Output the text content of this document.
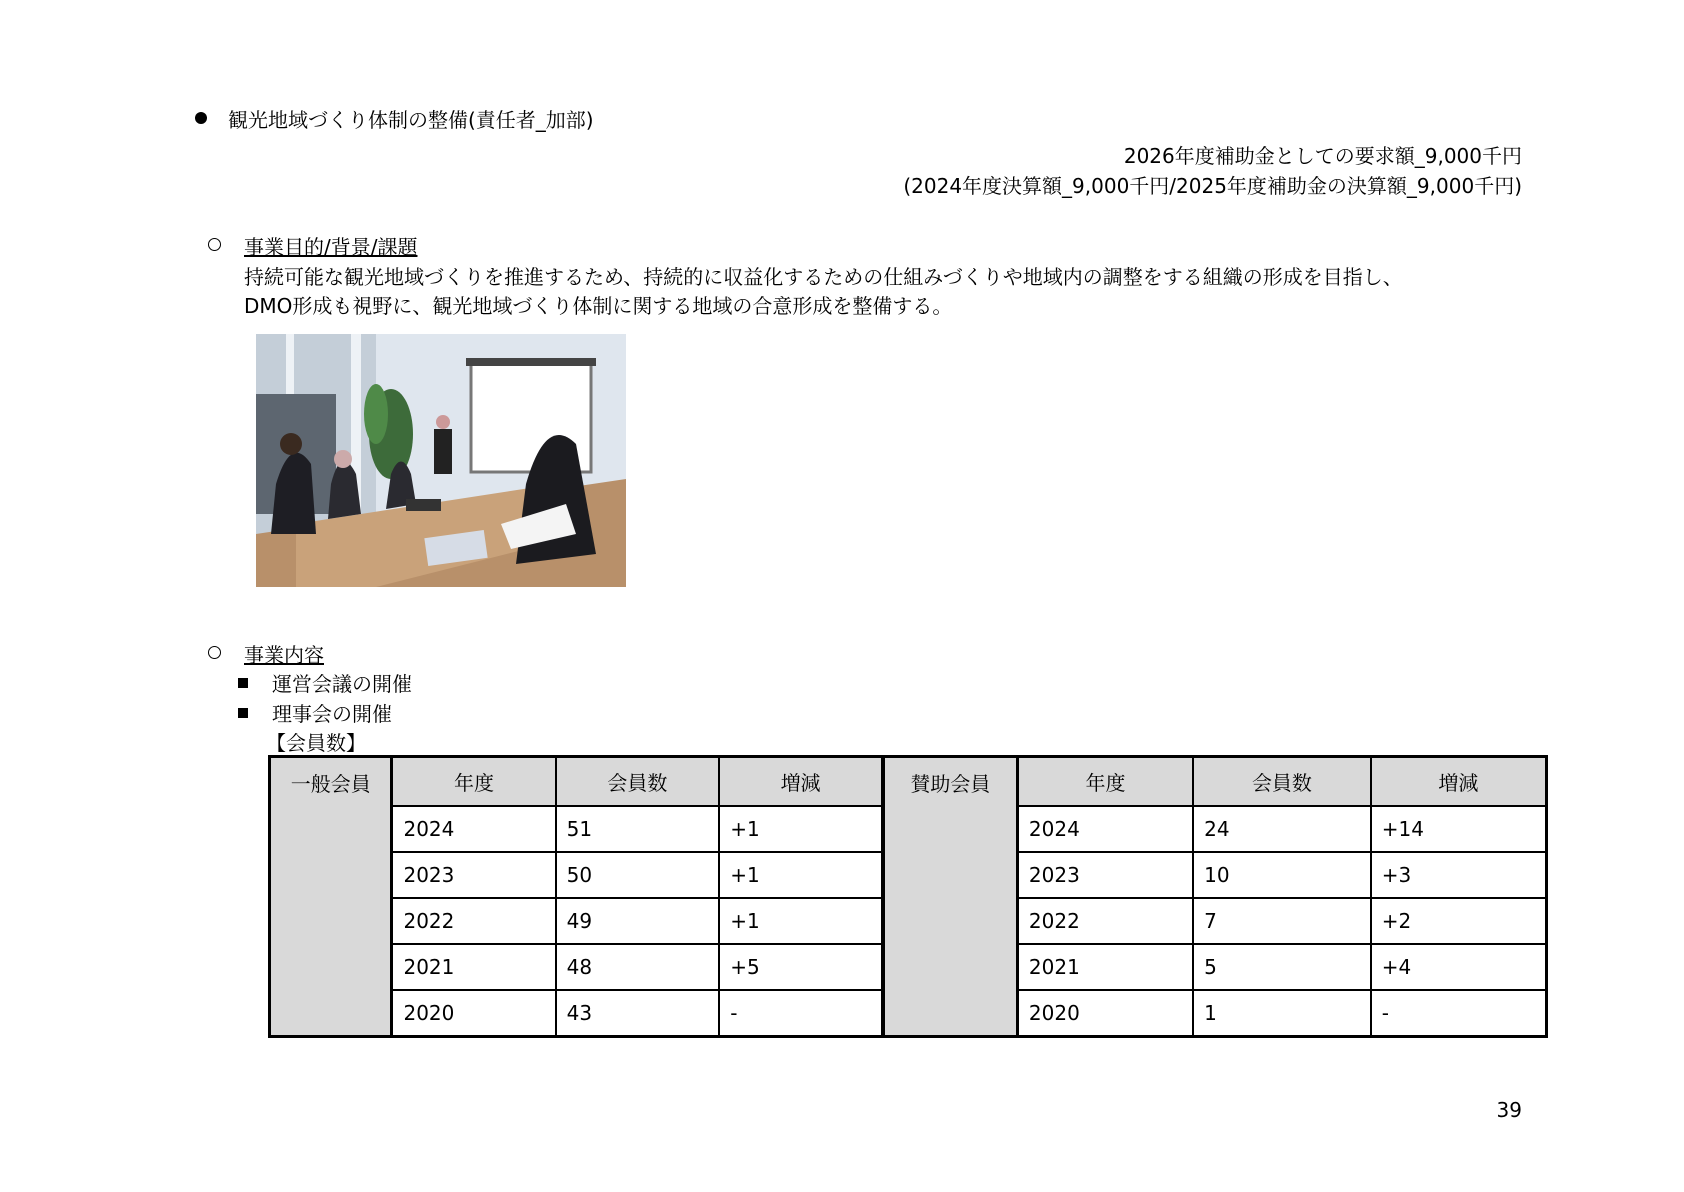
観光地域づくり体制の整備(責任者_加部)
2026年度補助金としての要求額_9,000千円
(2024年度決算額_9,000千円/2025年度補助金の決算額_9,000千円)
事業目的/背景/課題
持続可能な観光地域づくりを推進するため、持続的に収益化するための仕組みづくりや地域内の調整をする組織の形成を目指し、
DMO形成も視野に、観光地域づくり体制に関する地域の合意形成を整備する。
事業内容
運営会議の開催
理事会の開催
【会員数】
一般会員	年度	会員数	増減	賛助会員	年度	会員数	増減
	2024	51	+1		2024	24	+14
	2023	50	+1		2023	10	+3
	2022	49	+1		2022	7	+2
	2021	48	+5		2021	5	+4
	2020	43	-		2020	1	-
39
